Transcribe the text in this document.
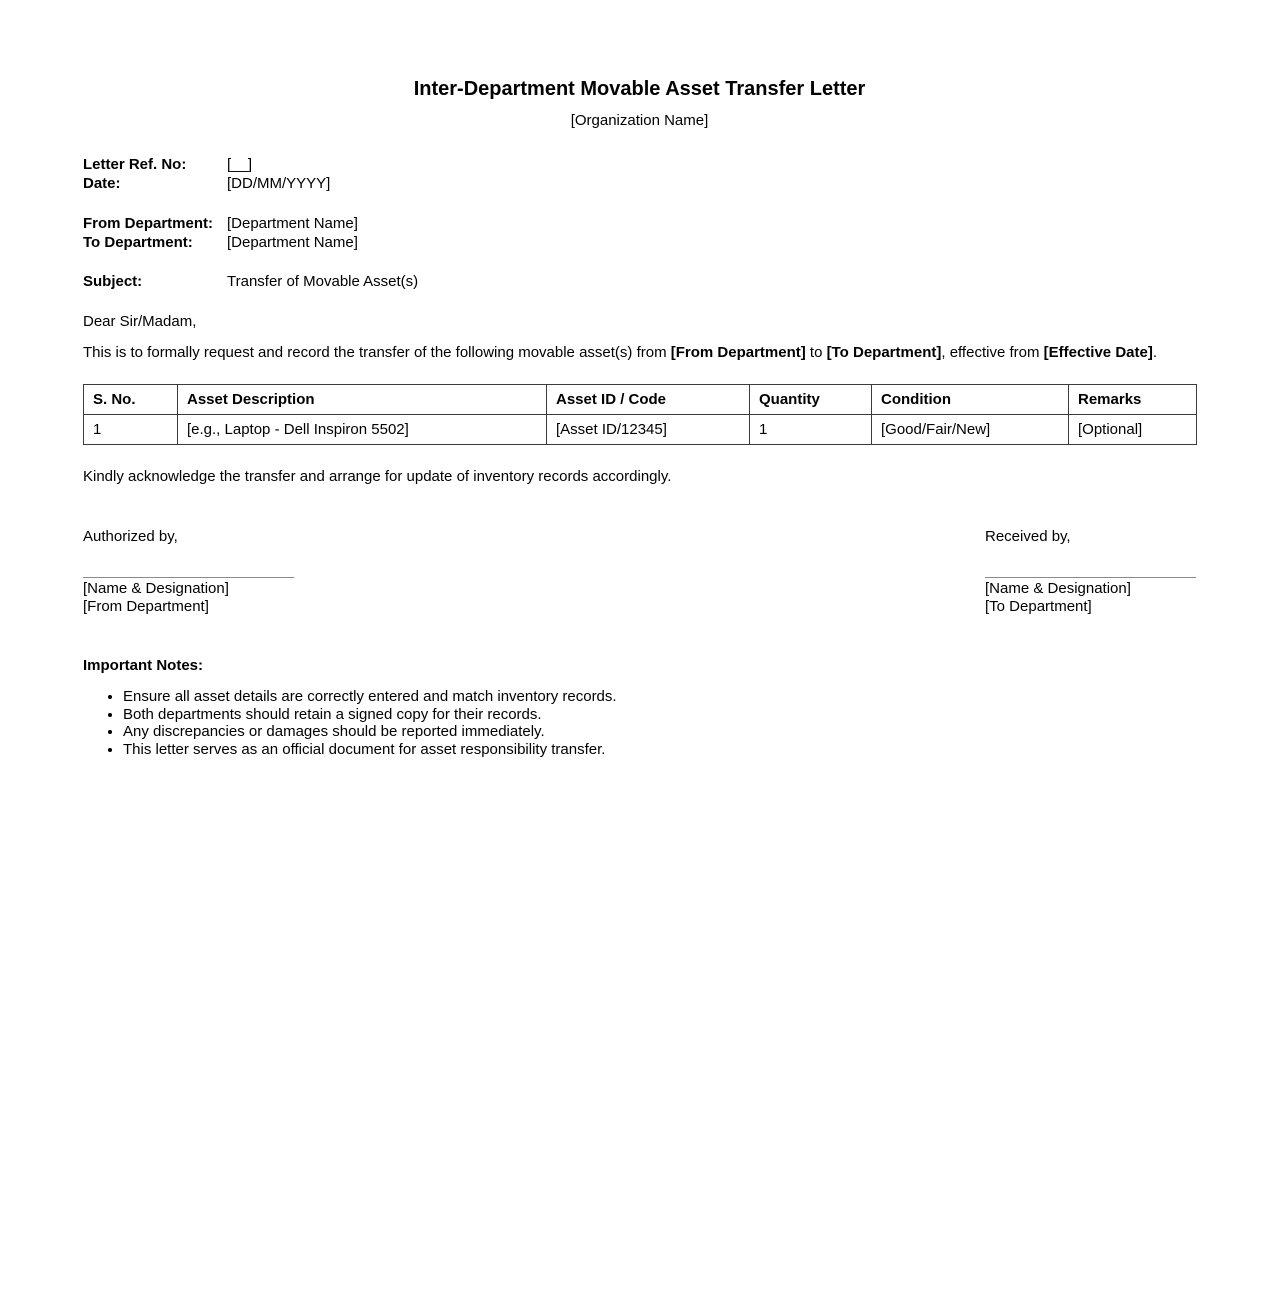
Inter-Department Movable Asset Transfer Letter
[Organization Name]
Letter Ref. No:	[__]
Date:	[DD/MM/YYYY]
From Department: [Department Name]
To Department: [Department Name]
Subject:	Transfer of Movable Asset(s)

Dear Sir/Madam,

This is to formally request and record the transfer of the following movable asset(s) from [From Department] to [To Department], effective from [Effective Date].

S. No.	Asset Description	Asset ID / Code	Quantity	Condition	Remarks
1	[e.g., Laptop - Dell Inspiron 5502]	[Asset ID/12345]	1	[Good/Fair/New]	[Optional]

Kindly acknowledge the transfer and arrange for update of inventory records accordingly.

Authorized by,

[Name & Designation]
[From Department]

Received by,

[Name & Designation]
[To Department]

Important Notes:

• Ensure all asset details are correctly entered and match inventory records.
• Both departments should retain a signed copy for their records.
• Any discrepancies or damages should be reported immediately.
• This letter serves as an official document for asset responsibility transfer.
